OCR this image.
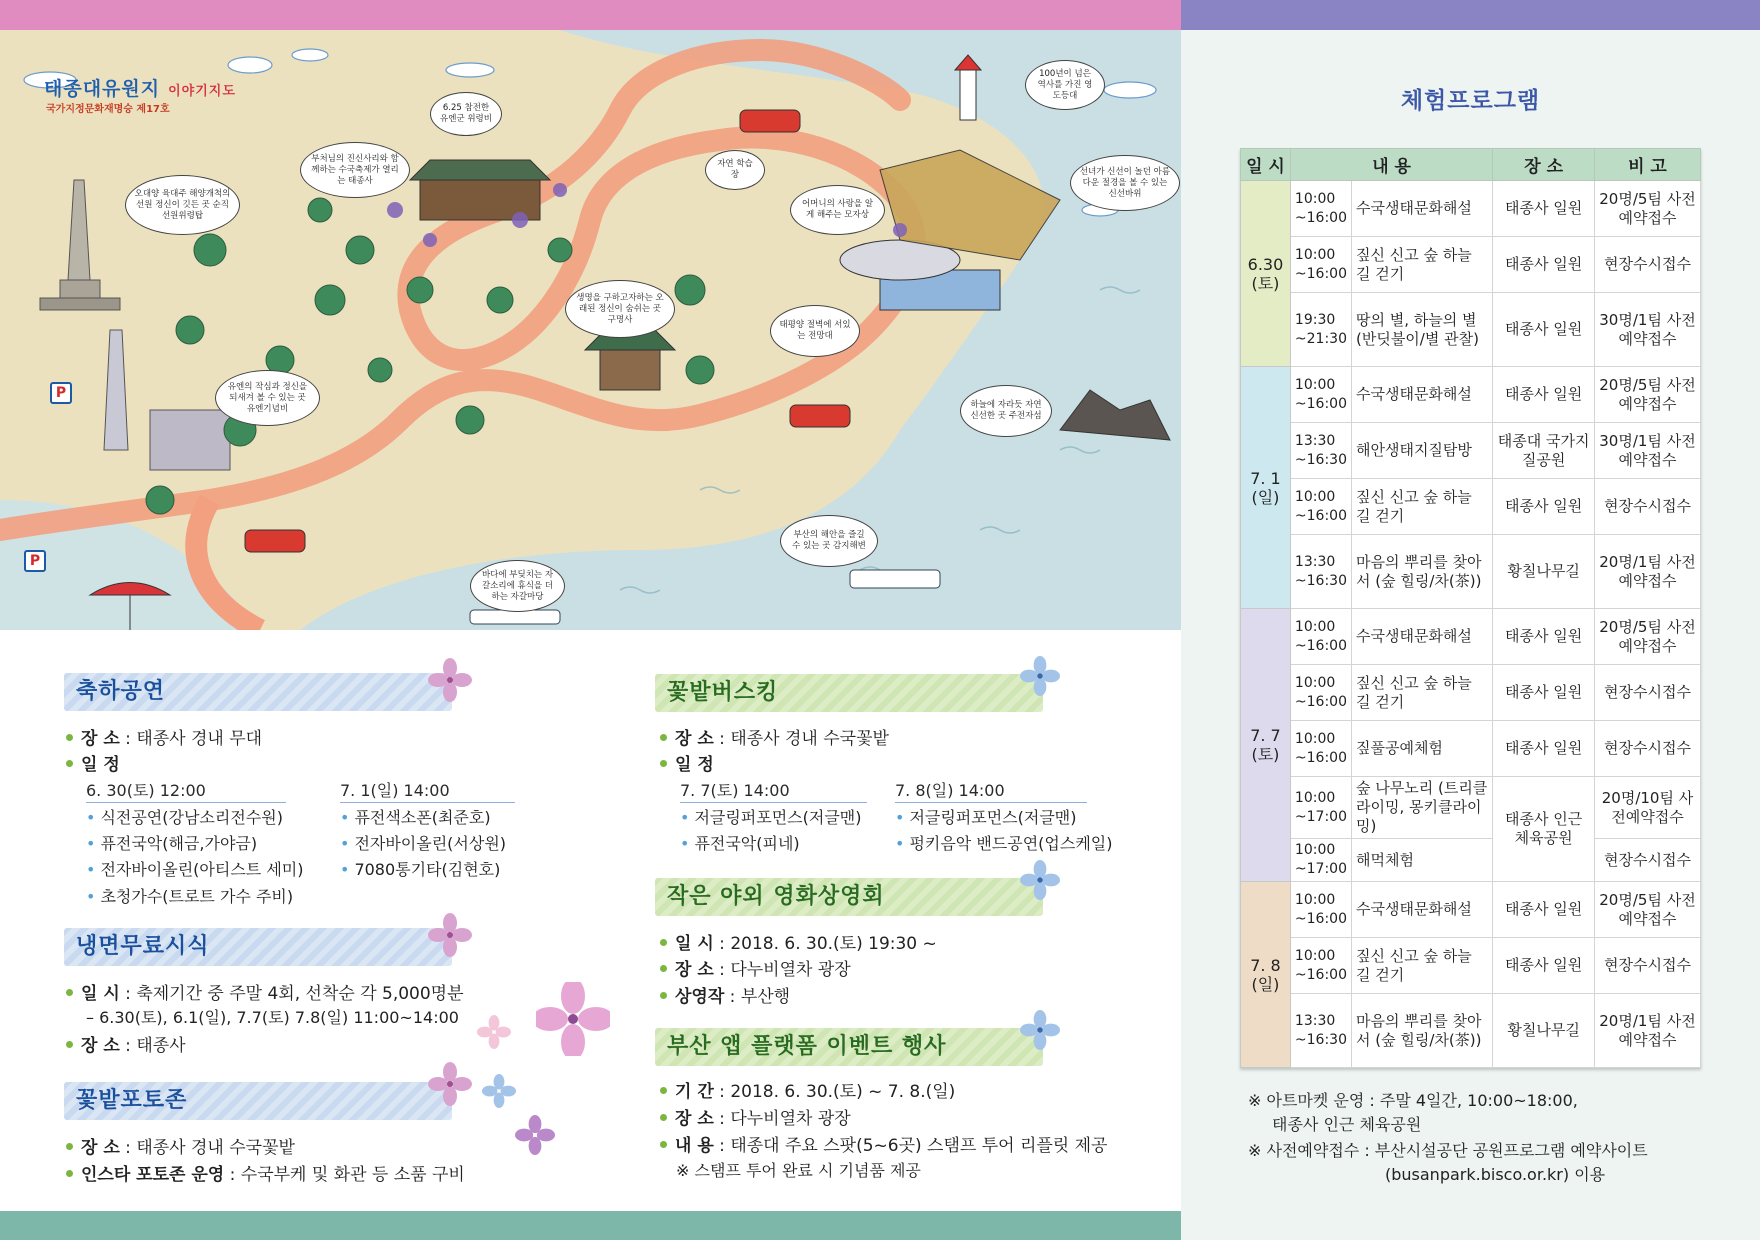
태종대유원지 이야기지도
국가지정문화재명승 제17호
P
P
6.25 참전한 유엔군 위령비
오대양 육대주 해양개척의 선원 정신이 깃든 곳 순직선원위령탑
부처님의 진신사리와 함께하는 수국축제가 열리는 태종사
자연 학습장
어머니의 사랑을 알게 해주는 모자상
100년이 넘은 역사를 가진 영도등대
선녀가 신선이 놀던 아름다운 절경을 볼 수 있는 신선바위
생명을 구하고자하는 오래된 정신이 숨쉬는 곳 구명사
태평양 절벽에 서있는 전망대
유엔의 작심과 정신을 되새겨 볼 수 있는 곳 유엔기념비	하늘에 자라듯 자연 신선한 곳 주전자섬
부산의 해안을 즐길 수 있는 곳 감지해변
바다에 부딪치는 자갈소리에 휴식을 더하는 자갈마당
축하공연
장 소 : 태종사 경내 무대
일 정
6. 30(토) 12:00
• 식전공연(강남소리전수원)
• 퓨전국악(해금,가야금)
• 전자바이올린(아티스트 세미)
• 초청가수(트로트 가수 주비)
7. 1(일) 14:00
• 퓨전색소폰(최준호)
• 전자바이올린(서상원)
• 7080통기타(김현호)
냉면무료시식
일 시 : 축제기간 중 주말 4회, 선착순 각 5,000명분
– 6.30(토), 6.1(일), 7.7(토) 7.8(일) 11:00~14:00
장 소 : 태종사
꽃밭포토존
장 소 : 태종사 경내 수국꽃밭
인스타 포토존 운영 : 수국부케 및 화관 등 소품 구비
꽃밭버스킹
장 소 : 태종사 경내 수국꽃밭
일 정
7. 7(토) 14:00
• 저글링퍼포먼스(저글맨)
• 퓨전국악(피네)
7. 8(일) 14:00
• 저글링퍼포먼스(저글맨)
• 펑키음악 밴드공연(업스케일)
작은 야외 영화상영회
일 시 : 2018. 6. 30.(토) 19:30 ~
장 소 : 다누비열차 광장
상영작 : 부산행
부산 앱 플랫폼 이벤트 행사
기 간 : 2018. 6. 30.(토) ~ 7. 8.(일)
장 소 : 다누비열차 광장
내 용 : 태종대 주요 스팟(5~6곳) 스탬프 투어 리플릿 제공
※ 스탬프 투어 완료 시 기념품 제공
체험프로그램
일 시	내 용		장 소	비 고
6.30
(토)	10:00 ~16:00	수국생태문화해설	태종사 일원	20명/5팀 사전예약접수
	10:00 ~16:00	짚신 신고 숲 하늘 길 걷기	태종사 일원	현장수시접수
	19:30 ~21:30	땅의 별, 하늘의 별 (반딧불이/별 관찰)	태종사 일원	30명/1팀 사전예약접수
7. 1
(일)	10:00 ~16:00	수국생태문화해설	태종사 일원	20명/5팀 사전예약접수
	13:30 ~16:30	해안생태지질탐방	태종대 국가지질공원	30명/1팀 사전예약접수
	10:00 ~16:00	짚신 신고 숲 하늘 길 걷기	태종사 일원	현장수시접수
	13:30 ~16:30	마음의 뿌리를 찾아서 (숲 힐링/차(茶))	황칠나무길	20명/1팀 사전예약접수
7. 7
(토)	10:00 ~16:00	수국생태문화해설	태종사 일원	20명/5팀 사전예약접수
	10:00 ~16:00	짚신 신고 숲 하늘 길 걷기	태종사 일원	현장수시접수
	10:00 ~16:00	짚풀공예체험	태종사 일원	현장수시접수
	10:00 ~17:00	숲 나무노리 (트리클라이밍, 몽키클라이밍)	태종사 인근 체육공원	20명/10팀 사전예약접수
	10:00 ~17:00	해먹체험		현장수시접수
7. 8
(일)	10:00 ~16:00	수국생태문화해설	태종사 일원	20명/5팀 사전예약접수
	10:00 ~16:00	짚신 신고 숲 하늘 길 걷기	태종사 일원	현장수시접수
	13:30 ~16:30	마음의 뿌리를 찾아서 (숲 힐링/차(茶))	황칠나무길	20명/1팀 사전예약접수
※ 아트마켓 운영 : 주말 4일간, 10:00~18:00,
태종사 인근 체육공원
※ 사전예약접수 : 부산시설공단 공원프로그램 예약사이트
(busanpark.bisco.or.kr) 이용
